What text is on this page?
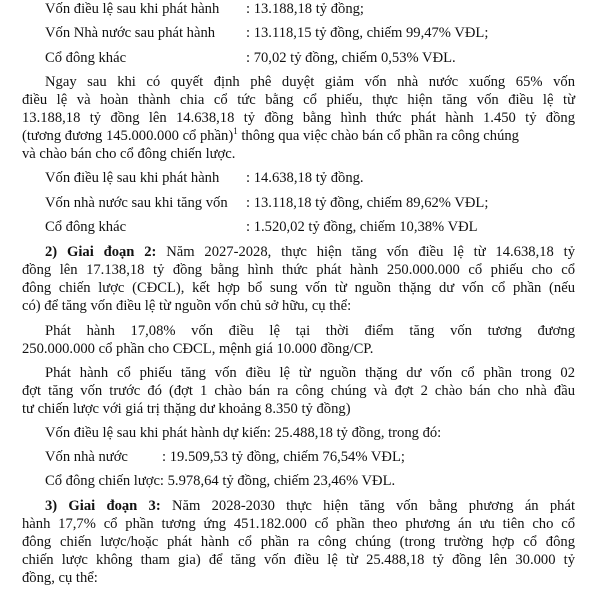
Vốn điều lệ sau khi phát hành : 13.188,18 tỷ đồng;
Vốn Nhà nước sau phát hành : 13.118,15 tỷ đồng, chiếm 99,47% VĐL;
Cổ đông khác	: 70,02 tỷ đồng, chiếm 0,53% VĐL.
Ngay sau khi có quyết định phê duyệt giảm vốn nhà nước xuống 65% vốn
điều lệ và hoàn thành chia cổ tức bằng cổ phiếu, thực hiện tăng vốn điều lệ từ
13.188,18 tỷ đồng lên 14.638,18 tỷ đồng bằng hình thức phát hành 1.450 tỷ đồng
(tương đương 145.000.000 cổ phần)$^1$ thông qua việc chào bán cổ phần ra công chúng
và chào bán cho cổ đông chiến lược.
Vốn điều lệ sau khi phát hành : 14.638,18 tỷ đồng.
Vốn nhà nước sau khi tăng vốn : 13.118,18 tỷ đồng, chiếm 89,62% VĐL;
Cổ đông khác	: 1.520,02 tỷ đồng, chiếm 10,38% VĐL
2) Giai đoạn 2: Năm 2027-2028, thực hiện tăng vốn điều lệ từ 14.638,18 tỷ
đồng lên 17.138,18 tỷ đồng bằng hình thức phát hành 250.000.000 cổ phiếu cho cổ
đông chiến lược (CĐCL), kết hợp bổ sung vốn từ nguồn thặng dư vốn cổ phần (nếu
có) để tăng vốn điều lệ từ nguồn vốn chủ sở hữu, cụ thể:
Phát hành 17,08% vốn điều lệ tại thời điểm tăng vốn tương đương
250.000.000 cổ phần cho CĐCL, mệnh giá 10.000 đồng/CP.
Phát hành cổ phiếu tăng vốn điều lệ từ nguồn thặng dư vốn cổ phần trong 02
đợt tăng vốn trước đó (đợt 1 chào bán ra công chúng và đợt 2 chào bán cho nhà đầu
tư chiến lược với giá trị thặng dư khoảng 8.350 tỷ đồng)
Vốn điều lệ sau khi phát hành dự kiến: 25.488,18 tỷ đồng, trong đó:
Vốn nhà nước : 19.509,53 tỷ đồng, chiếm 76,54% VĐL;
Cổ đông chiến lược: 5.978,64 tỷ đồng, chiếm 23,46% VĐL.
3) Giai đoạn 3: Năm 2028-2030 thực hiện tăng vốn bằng phương án phát
hành 17,7% cổ phần tương ứng 451.182.000 cổ phần theo phương án ưu tiên cho cổ
đông chiến lược/hoặc phát hành cổ phần ra công chúng (trong trường hợp cổ đông
chiến lược không tham gia) để tăng vốn điều lệ từ 25.488,18 tỷ đồng lên 30.000 tỷ
đồng, cụ thể:
